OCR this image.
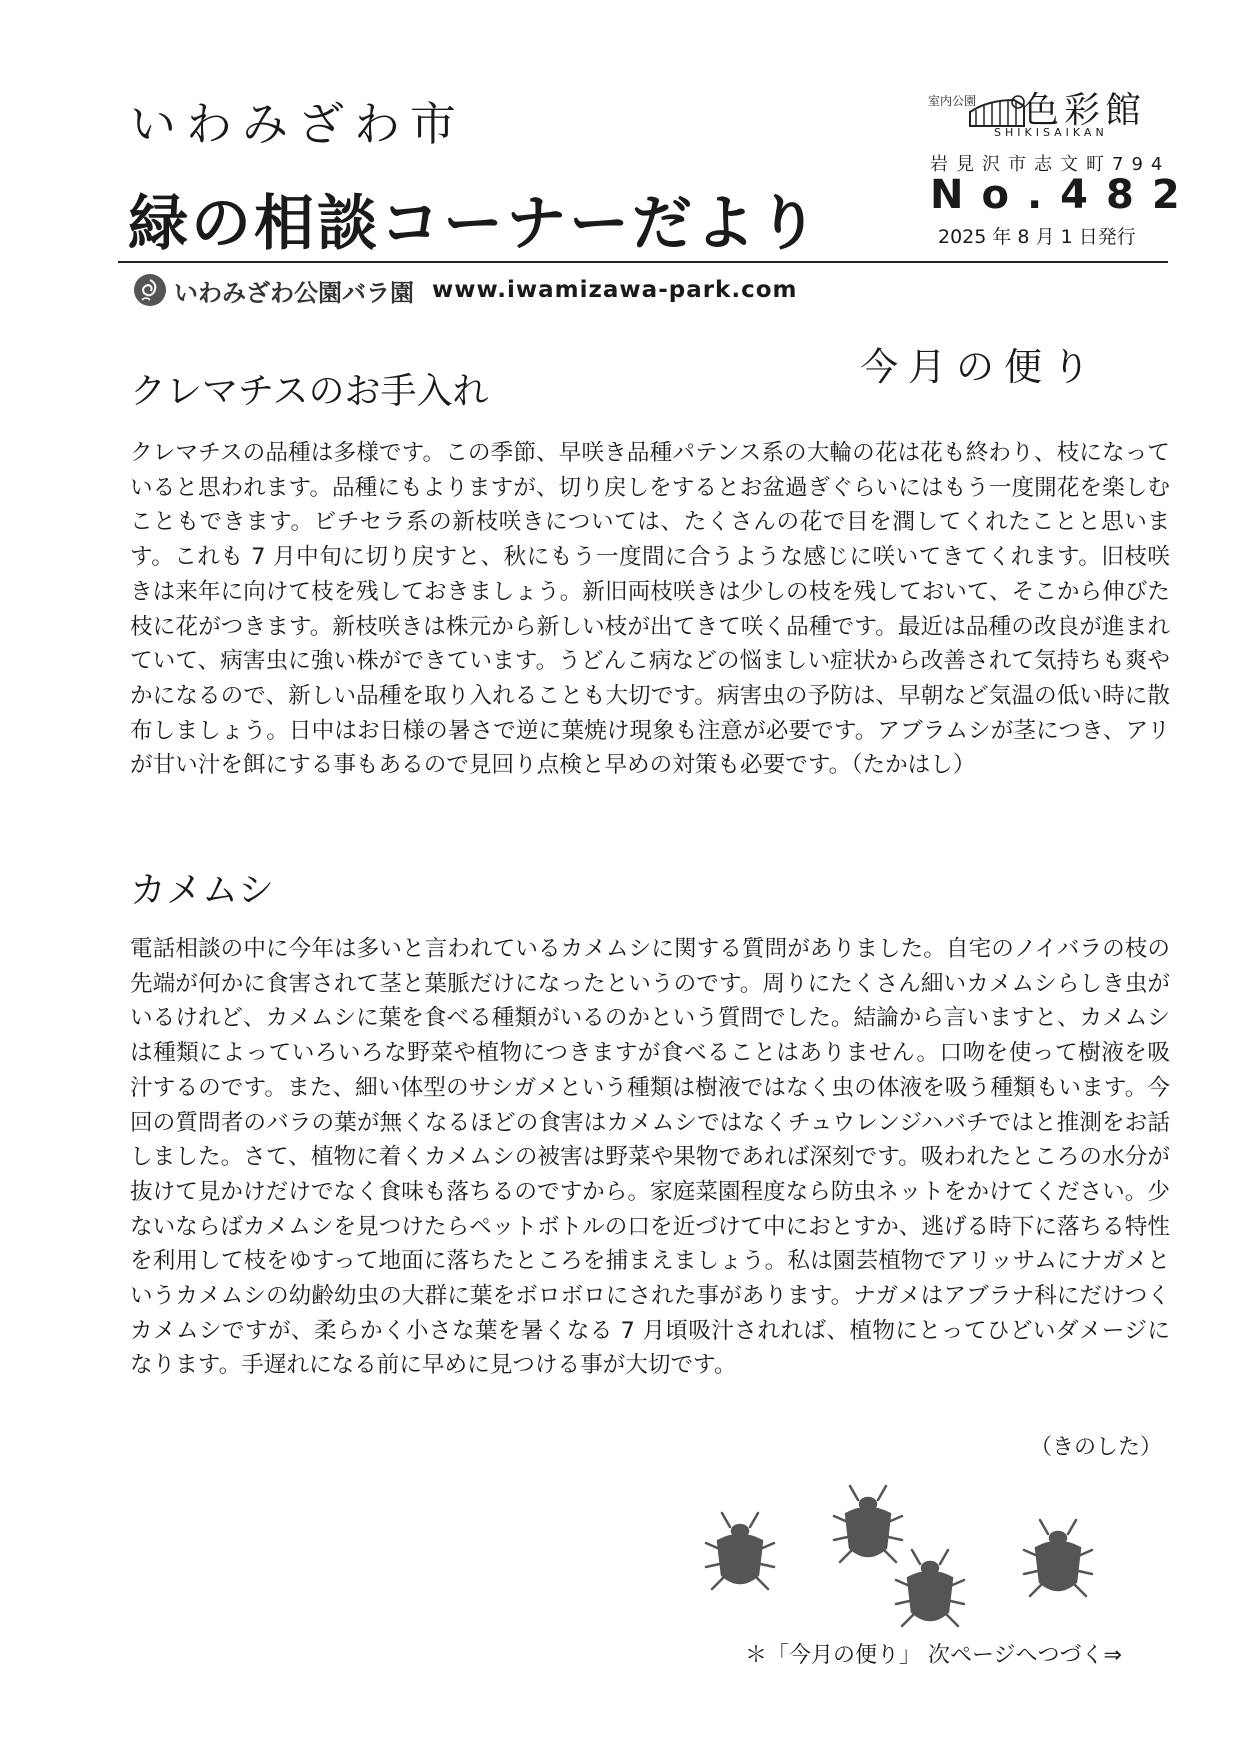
いわみざわ市
緑の相談コーナーだより
室内公園 色彩館
SHIKISAIKAN
岩見沢市志文町794
No.482
2025 年 8 月 1 日発行
いわみざわ公園バラ園 www.iwamizawa-park.com
今月の便り
クレマチスのお手入れ

クレマチスの品種は多様です。この季節、早咲き品種パテンス系の大輪の花は花も終わり、枝になっていると思われます。品種にもよりますが、切り戻しをするとお盆過ぎぐらいにはもう一度開花を楽しむこともできます。ビチセラ系の新枝咲きについては、たくさんの花で目を潤してくれたことと思います。これも 7 月中旬に切り戻すと、秋にもう一度間に合うような感じに咲いてきてくれます。旧枝咲きは来年に向けて枝を残しておきましょう。新旧両枝咲きは少しの枝を残しておいて、そこから伸びた枝に花がつきます。新枝咲きは株元から新しい枝が出てきて咲く品種です。最近は品種の改良が進まれていて、病害虫に強い株ができています。うどんこ病などの悩ましい症状から改善されて気持ちも爽やかになるので、新しい品種を取り入れることも大切です。病害虫の予防は、早朝など気温の低い時に散布しましょう。日中はお日様の暑さで逆に葉焼け現象も注意が必要です。アブラムシが茎につき、アリが甘い汁を餌にする事もあるので見回り点検と早めの対策も必要です。（たかはし）

カメムシ

電話相談の中に今年は多いと言われているカメムシに関する質問がありました。自宅のノイバラの枝の先端が何かに食害されて茎と葉脈だけになったというのです。周りにたくさん細いカメムシらしき虫がいるけれど、カメムシに葉を食べる種類がいるのかという質問でした。結論から言いますと、カメムシは種類によっていろいろな野菜や植物につきますが食べることはありません。口吻を使って樹液を吸汁するのです。また、細い体型のサシガメという種類は樹液ではなく虫の体液を吸う種類もいます。今回の質問者のバラの葉が無くなるほどの食害はカメムシではなくチュウレンジハバチではと推測をお話しました。さて、植物に着くカメムシの被害は野菜や果物であれば深刻です。吸われたところの水分が抜けて見かけだけでなく食味も落ちるのですから。家庭菜園程度なら防虫ネットをかけてください。少ないならばカメムシを見つけたらペットボトルの口を近づけて中におとすか、逃げる時下に落ちる特性を利用して枝をゆすって地面に落ちたところを捕まえましょう。私は園芸植物でアリッサムにナガメというカメムシの幼齢幼虫の大群に葉をボロボロにされた事があります。ナガメはアブラナ科にだけつくカメムシですが、柔らかく小さな葉を暑くなる 7 月頃吸汁されれば、植物にとってひどいダメージになります。手遅れになる前に早めに見つける事が大切です。

（きのした）
＊「今月の便り」 次ページへつづく⇒
